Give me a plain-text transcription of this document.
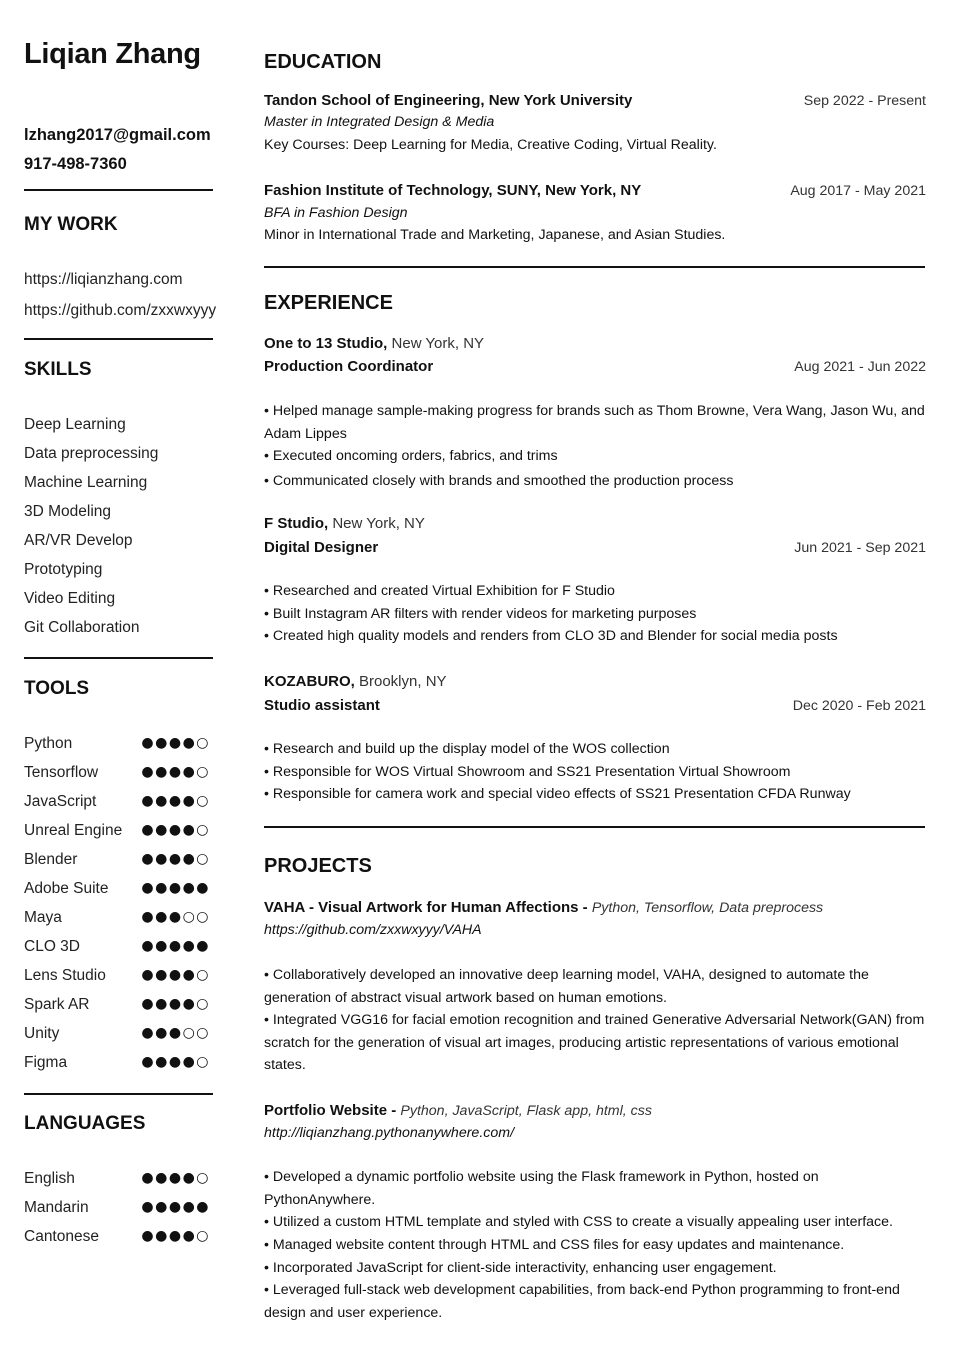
Liqian Zhang
lzhang2017@gmail.com
917-498-7360
MY WORK
https://liqianzhang.com
https://github.com/zxxwxyyy
SKILLS
Deep Learning
Data preprocessing
Machine Learning
3D Modeling
AR/VR Develop
Prototyping
Video Editing
Git Collaboration
TOOLS
Python	●●●●○
Tensorflow	●●●●○
JavaScript	●●●●○
Unreal Engine ●●●●○
Blender	●●●●○
Adobe Suite ●●●●●
Maya	●●●○○
CLO 3D	●●●●●
Lens Studio	●●●●○
Spark AR	●●●●○
Unity	●●●○○
Figma	●●●●○
LANGUAGES
English	●●●●○
Mandarin	●●●●●
Cantonese	●●●●○
EDUCATION
Tandon School of Engineering, New York University	Sep 2022 - Present
Master in Integrated Design & Media
Key Courses: Deep Learning for Media, Creative Coding, Virtual Reality.
Fashion Institute of Technology, SUNY, New York, NY	Aug 2017 - May 2021
BFA in Fashion Design
Minor in International Trade and Marketing, Japanese, and Asian Studies.
EXPERIENCE
One to 13 Studio, New York, NY
Production Coordinator	Aug 2021 - Jun 2022
• Helped manage sample-making progress for brands such as Thom Browne, Vera Wang, Jason Wu, and Adam Lippes
• Executed oncoming orders, fabrics, and trims
• Communicated closely with brands and smoothed the production process
F Studio, New York, NY
Digital Designer	Jun 2021 - Sep 2021
• Researched and created Virtual Exhibition for F Studio
• Built Instagram AR filters with render videos for marketing purposes
• Created high quality models and renders from CLO 3D and Blender for social media posts
KOZABURO, Brooklyn, NY
Studio assistant	Dec 2020 - Feb 2021
• Research and build up the display model of the WOS collection
• Responsible for WOS Virtual Showroom and SS21 Presentation Virtual Showroom
• Responsible for camera work and special video effects of SS21 Presentation CFDA Runway
PROJECTS
VAHA - Visual Artwork for Human Affections - Python, Tensorflow, Data preprocess
https://github.com/zxxwxyyy/VAHA
• Collaboratively developed an innovative deep learning model, VAHA, designed to automate the generation of abstract visual artwork based on human emotions.
• Integrated VGG16 for facial emotion recognition and trained Generative Adversarial Network(GAN) from scratch for the generation of visual art images, producing artistic representations of various emotional states.
Portfolio Website - Python, JavaScript, Flask app, html, css
http://liqianzhang.pythonanywhere.com/
• Developed a dynamic portfolio website using the Flask framework in Python, hosted on PythonAnywhere.
• Utilized a custom HTML template and styled with CSS to create a visually appealing user interface.
• Managed website content through HTML and CSS files for easy updates and maintenance.
• Incorporated JavaScript for client-side interactivity, enhancing user engagement.
• Leveraged full-stack web development capabilities, from back-end Python programming to front-end design and user experience.
